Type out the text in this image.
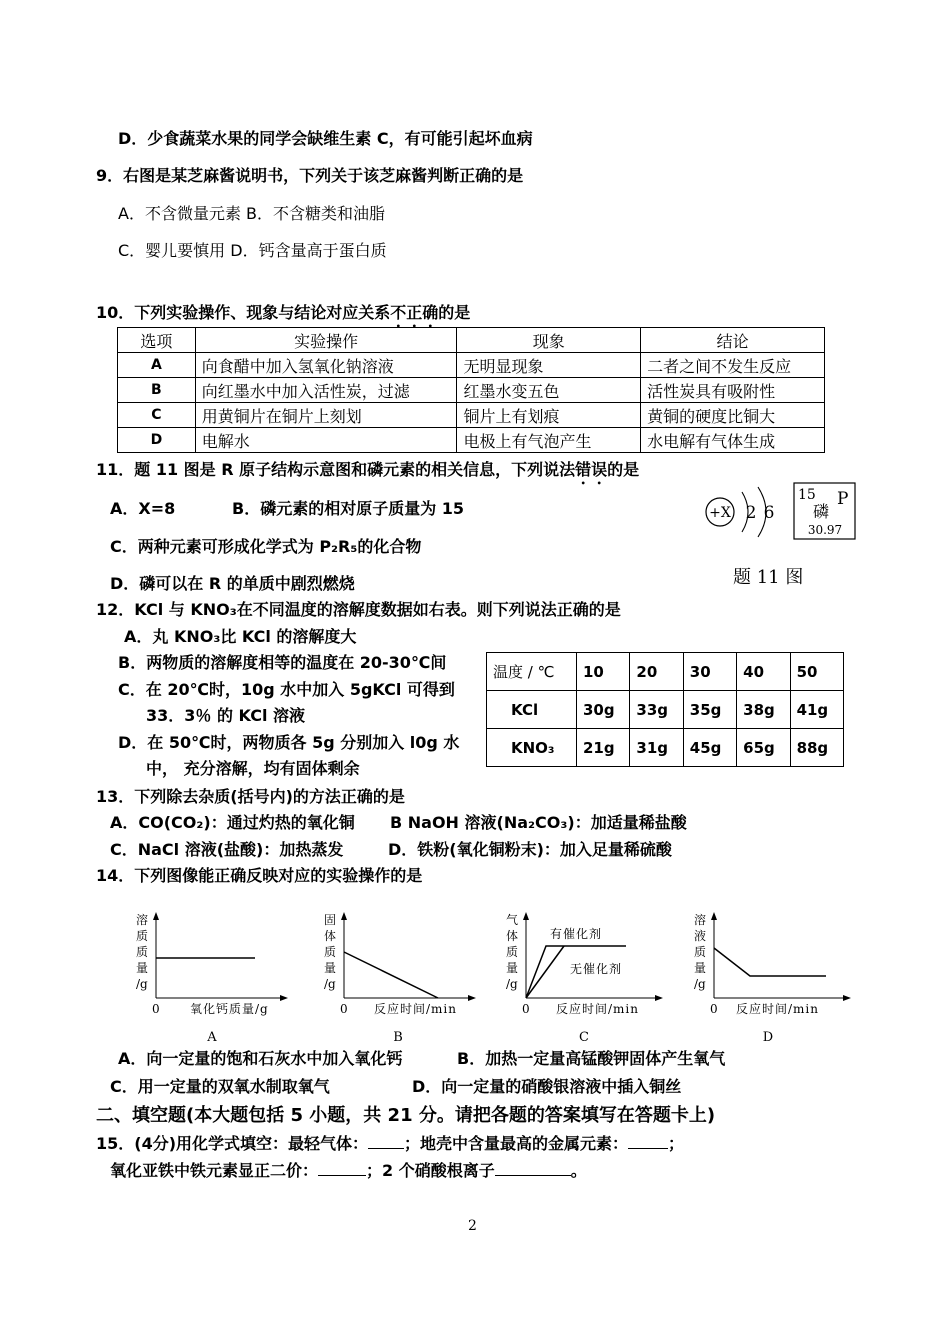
D．少食蔬菜水果的同学会缺维生素 C，有可能引起坏血病
9．右图是某芝麻酱说明书，下列关于该芝麻酱判断正确的是
A．不含微量元素 B．不含糖类和油脂
C．婴儿要慎用 D．钙含量高于蛋白质
10．下列实验操作、现象与结论对应关系不正确的是
选项	实验操作	现象	结论
A	向食醋中加入氢氧化钠溶液	无明显现象	二者之间不发生反应
B	向红墨水中加入活性炭，过滤	红墨水变五色	活性炭具有吸附性
C	用黄铜片在铜片上刻划	铜片上有划痕	黄铜的硬度比铜大
D	电解水	电极上有气泡产生	水电解有气体生成
11．题 11 图是 R 原子结构示意图和磷元素的相关信息，下列说法错误的是
A．X=8	B．磷元素的相对原子质量为 15
C．两种元素可形成化学式为 P₂R₅的化合物
D．磷可以在 R 的单质中剧烈燃烧
+X 2 6
15 P
磷
30.97
题 11 图
12．KCl 与 KNO₃在不同温度的溶解度数据如右表。则下列说法正确的是
A．丸 KNO₃比 KCl 的溶解度大
B．两物质的溶解度相等的温度在 20-30℃间
C．在 20℃时，10g 水中加入 5gKCl 可得到
33．3％ 的 KCl 溶液
D．在 50℃时，两物质各 5g 分别加入 l0g 水
中， 充分溶解，均有固体剩余
温度 / ℃	10	20	30	40	50
KCl	30g	33g	35g	38g	41g
KNO₃	21g	31g	45g	65g	88g
13．下列除去杂质(括号内)的方法正确的是
A．CO(CO₂)：通过灼热的氧化铜 B NaOH 溶液(Na₂CO₃)：加适量稀盐酸
C．NaCl 溶液(盐酸)：加热蒸发	D．铁粉(氧化铜粉末)：加入足量稀硫酸
14．下列图像能正确反映对应的实验操作的是
溶
质
质
量
/g
0	氧化钙质量/g
A
固
体
质
量
/g
0 反应时间/min
B
气
体
质
量
/g
有催化剂
无催化剂
0 反应时间/min
C
溶
液
质
量
/g
0 反应时间/min
D
A．向一定量的饱和石灰水中加入氧化钙	B．加热一定量高锰酸钾固体产生氧气
C．用一定量的双氧水制取氧气	D．向一定量的硝酸银溶液中插入铜丝
二、填空题(本大题包括 5 小题，共 21 分。请把各题的答案填写在答题卡上)
15．(4分)用化学式填空：最轻气体： ；地壳中含量最高的金属元素：	；
氧化亚铁中铁元素显正二价：	；2 个硝酸根离子	。
2
